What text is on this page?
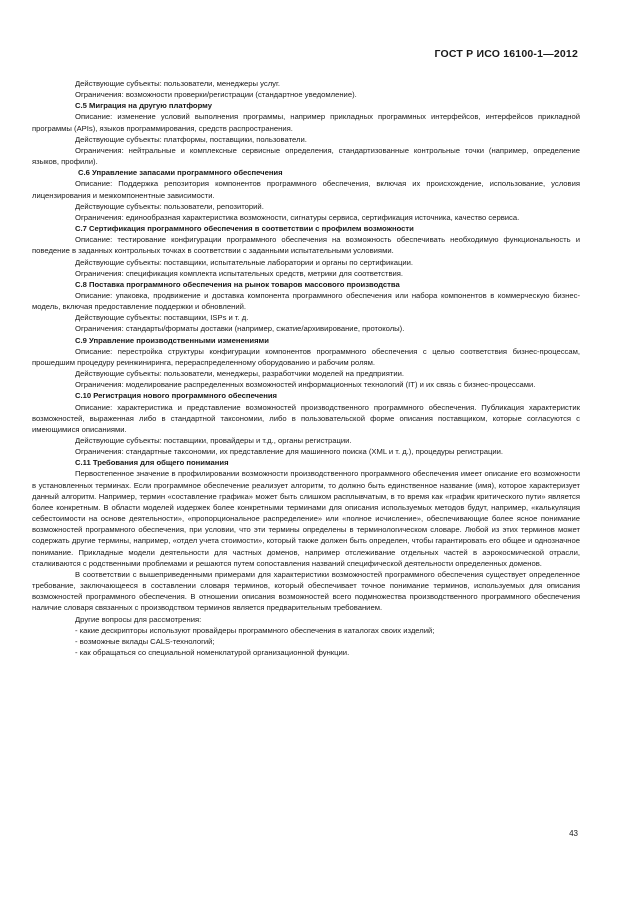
ГОСТ Р ИСО 16100-1—2012

Действующие субъекты: пользователи, менеджеры услуг.

Ограничения: возможности проверки/регистрации (стандартное уведомление).

С.5 Миграция на другую платформу

Описание: изменение условий выполнения программы, например прикладных программных интерфейсов, интерфейсов прикладной программы (APIs), языков программирования, средств распространения.

Действующие субъекты: платформы, поставщики, пользователи.

Ограничения: нейтральные и комплексные сервисные определения, стандартизованные контрольные точки (например, определение языков, профили).

С.6 Управление запасами программного обеспечения

Описание: Поддержка репозитория компонентов программного обеспечения, включая их происхождение, использование, условия лицензирования и межкомпонентные зависимости.

Действующие субъекты: пользователи, репозиторий.

Ограничения: единообразная характеристика возможности, сигнатуры сервиса, сертификация источника, качество сервиса.

С.7 Сертификация программного обеспечения в соответствии с профилем возможности

Описание: тестирование конфигурации программного обеспечения на возможность обеспечивать необходимую функциональность и поведение в заданных контрольных точках в соответствии с заданными испытательными условиями.

Действующие субъекты: поставщики, испытательные лаборатории и органы по сертификации.

Ограничения: спецификация комплекта испытательных средств, метрики для соответствия.

С.8 Поставка программного обеспечения на рынок товаров массового производства

Описание: упаковка, продвижение и доставка компонента программного обеспечения или набора компонентов в коммерческую бизнес-модель, включая предоставление поддержки и обновлений.

Действующие субъекты: поставщики, ISPs и т. д.

Ограничения: стандарты/форматы доставки (например, сжатие/архивирование, протоколы).

С.9 Управление производственными изменениями

Описание: перестройка структуры конфигурации компонентов программного обеспечения с целью соответствия бизнес-процессам, прошедшим процедуру реинжиниринга, перераспределенному оборудованию и рабочим ролям.

Действующие субъекты: пользователи, менеджеры, разработчики моделей на предприятии.

Ограничения: моделирование распределенных возможностей информационных технологий (IT) и их связь с бизнес-процессами.

С.10 Регистрация нового программного обеспечения

Описание: характеристика и представление возможностей производственного программного обеспечения. Публикация характеристик возможностей, выраженная либо в стандартной таксономии, либо в пользовательской форме описания поставщиком, которые согласуются с имеющимися описаниями.

Действующие субъекты: поставщики, провайдеры и т.д., органы регистрации.

Ограничения: стандартные таксономии, их представление для машинного поиска (XML и т. д.), процедуры регистрации.

С.11 Требования для общего понимания

Первостепенное значение в профилировании возможности производственного программного обеспечения имеет описание его возможности в установленных терминах. Если программное обеспечение реализует алгоритм, то должно быть единственное название (имя), которое характеризует данный алгоритм. Например, термин «составление графика» может быть слишком расплывчатым, в то время как «график критического пути» является более конкретным. В области моделей издержек более конкретными терминами для описания используемых методов будут, например, «калькуляция себестоимости на основе деятельности», «пропорциональное распределение» или «полное исчисление», обеспечивающие более ясное понимание возможностей программного обеспечения, при условии, что эти термины определены в терминологическом словаре. Любой из этих терминов может содержать другие термины, например, «отдел учета стоимости», который также должен быть определен, чтобы гарантировать его общее и однозначное понимание. Прикладные модели деятельности для частных доменов, например отслеживание отдельных частей в аэрокосмической отрасли, сталкиваются с родственными проблемами и решаются путем сопоставления названий специфической деятельности определенных доменов.

В соответствии с вышеприведенными примерами для характеристики возможностей программного обеспечения существует определенное требование, заключающееся в составлении словаря терминов, который обеспечивает точное понимание терминов, используемых для описания возможностей программного обеспечения. В отношении описания возможностей всего подмножества производственного программного обеспечения наличие словаря связанных с производством терминов является предварительным требованием.

Другие вопросы для рассмотрения:

- какие дескрипторы используют провайдеры программного обеспечения в каталогах своих изделий;

- возможные вклады CALS-технологий;

- как обращаться со специальной номенклатурой организационной функции.

43
